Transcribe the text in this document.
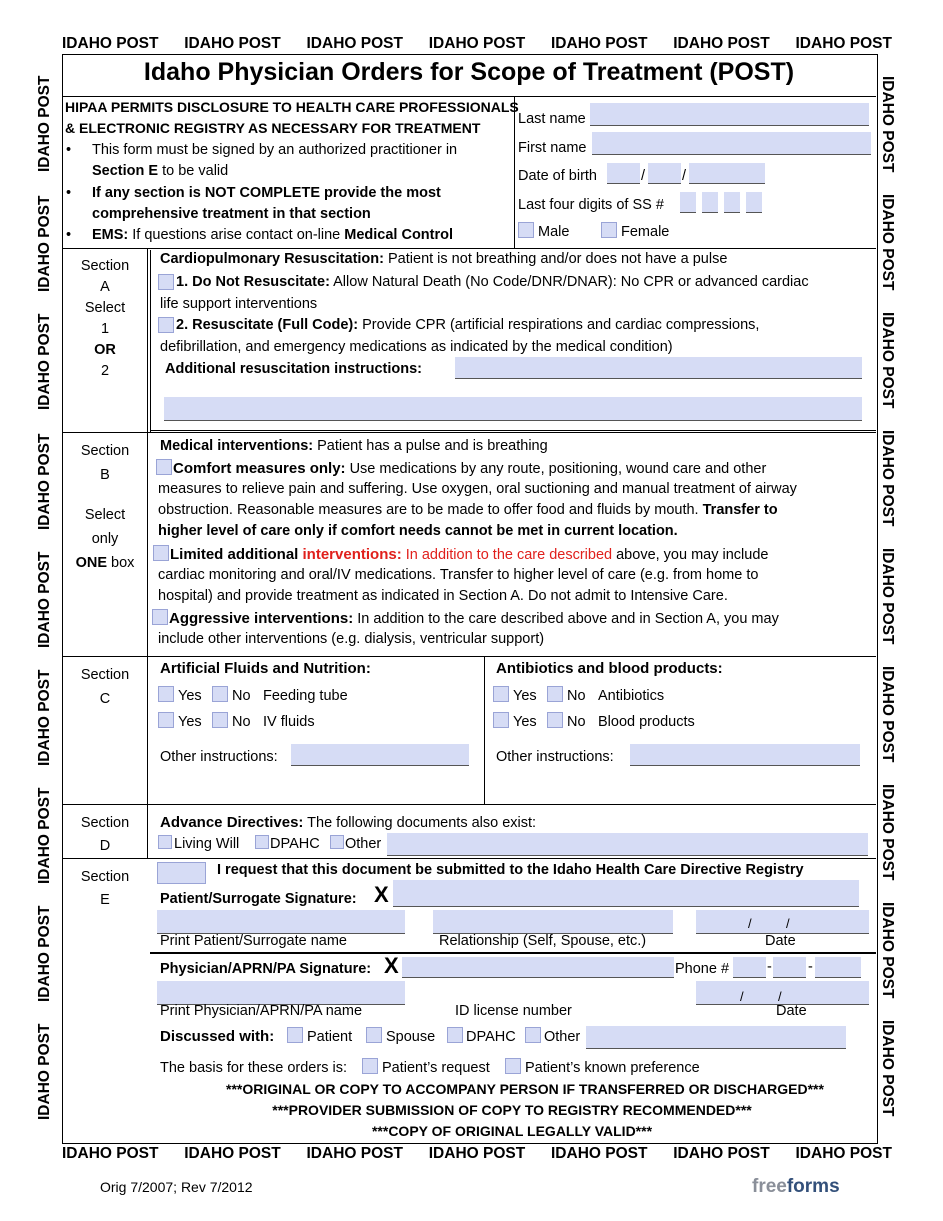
IDAHO POST IDAHO POST IDAHO POST IDAHO POST IDAHO POST IDAHO POST IDAHO POST
IDAHO POST IDAHO POST IDAHO POST IDAHO POST IDAHO POST IDAHO POST IDAHO POST
IDAHO POST
IDAHO POST
IDAHO POST
IDAHO POST
IDAHO POST
IDAHO POST
IDAHO POST
IDAHO POST
IDAHO POST
IDAHO POST
IDAHO POST
IDAHO POST
IDAHO POST
IDAHO POST
IDAHO POST
IDAHO POST
IDAHO POST
IDAHO POST
Idaho Physician Orders for Scope of Treatment (POST)
HIPAA PERMITS DISCLOSURE TO HEALTH CARE PROFESSIONALS
& ELECTRONIC REGISTRY AS NECESSARY FOR TREATMENT
• This form must be signed by an authorized practitioner in
Section E to be valid
• If any section is NOT COMPLETE provide the most
comprehensive treatment in that section
• EMS: If questions arise contact on-line Medical Control
Last name
First name
Date of birth	/	/
Last four digits of SS #
Male	Female
Section
A
Select
1
OR
2
Cardiopulmonary Resuscitation: Patient is not breathing and/or does not have a pulse
1. Do Not Resuscitate: Allow Natural Death (No Code/DNR/DNAR): No CPR or advanced cardiac
life support interventions
2. Resuscitate (Full Code): Provide CPR (artificial respirations and cardiac compressions,
defibrillation, and emergency medications as indicated by the medical condition)
Additional resuscitation instructions:
Section
B
Select
only
ONE box
Medical interventions: Patient has a pulse and is breathing
Comfort measures only: Use medications by any route, positioning, wound care and other
measures to relieve pain and suffering. Use oxygen, oral suctioning and manual treatment of airway
obstruction. Reasonable measures are to be made to offer food and fluids by mouth. Transfer to
higher level of care only if comfort needs cannot be met in current location.
Limited additional interventions: In addition to the care described above, you may include
cardiac monitoring and oral/IV medications. Transfer to higher level of care (e.g. from home to
hospital) and provide treatment as indicated in Section A. Do not admit to Intensive Care.
Aggressive interventions: In addition to the care described above and in Section A, you may
include other interventions (e.g. dialysis, ventricular support)
Section
C
Artificial Fluids and Nutrition:
Yes No Feeding tube
Yes No IV fluids
Other instructions:
Antibiotics and blood products:
Yes No Antibiotics
Yes No Blood products
Other instructions:
Section
D
Advance Directives: The following documents also exist:
Living Will DPAHC Other
Section
E
I request that this document be submitted to the Idaho Health Care Directive Registry
Patient/Surrogate Signature: X
/	/
Print Patient/Surrogate name	Relationship (Self, Spouse, etc.)	Date
Physician/APRN/PA Signature: X	Phone #	- -
/	/
Print Physician/APRN/PA name	ID license number	Date
Discussed with: Patient Spouse DPAHC Other
The basis for these orders is: Patient’s request Patient’s known preference
***ORIGINAL OR COPY TO ACCOMPANY PERSON IF TRANSFERRED OR DISCHARGED***
***PROVIDER SUBMISSION OF COPY TO REGISTRY RECOMMENDED***
***COPY OF ORIGINAL LEGALLY VALID***
Orig 7/2007; Rev 7/2012	freeforms
